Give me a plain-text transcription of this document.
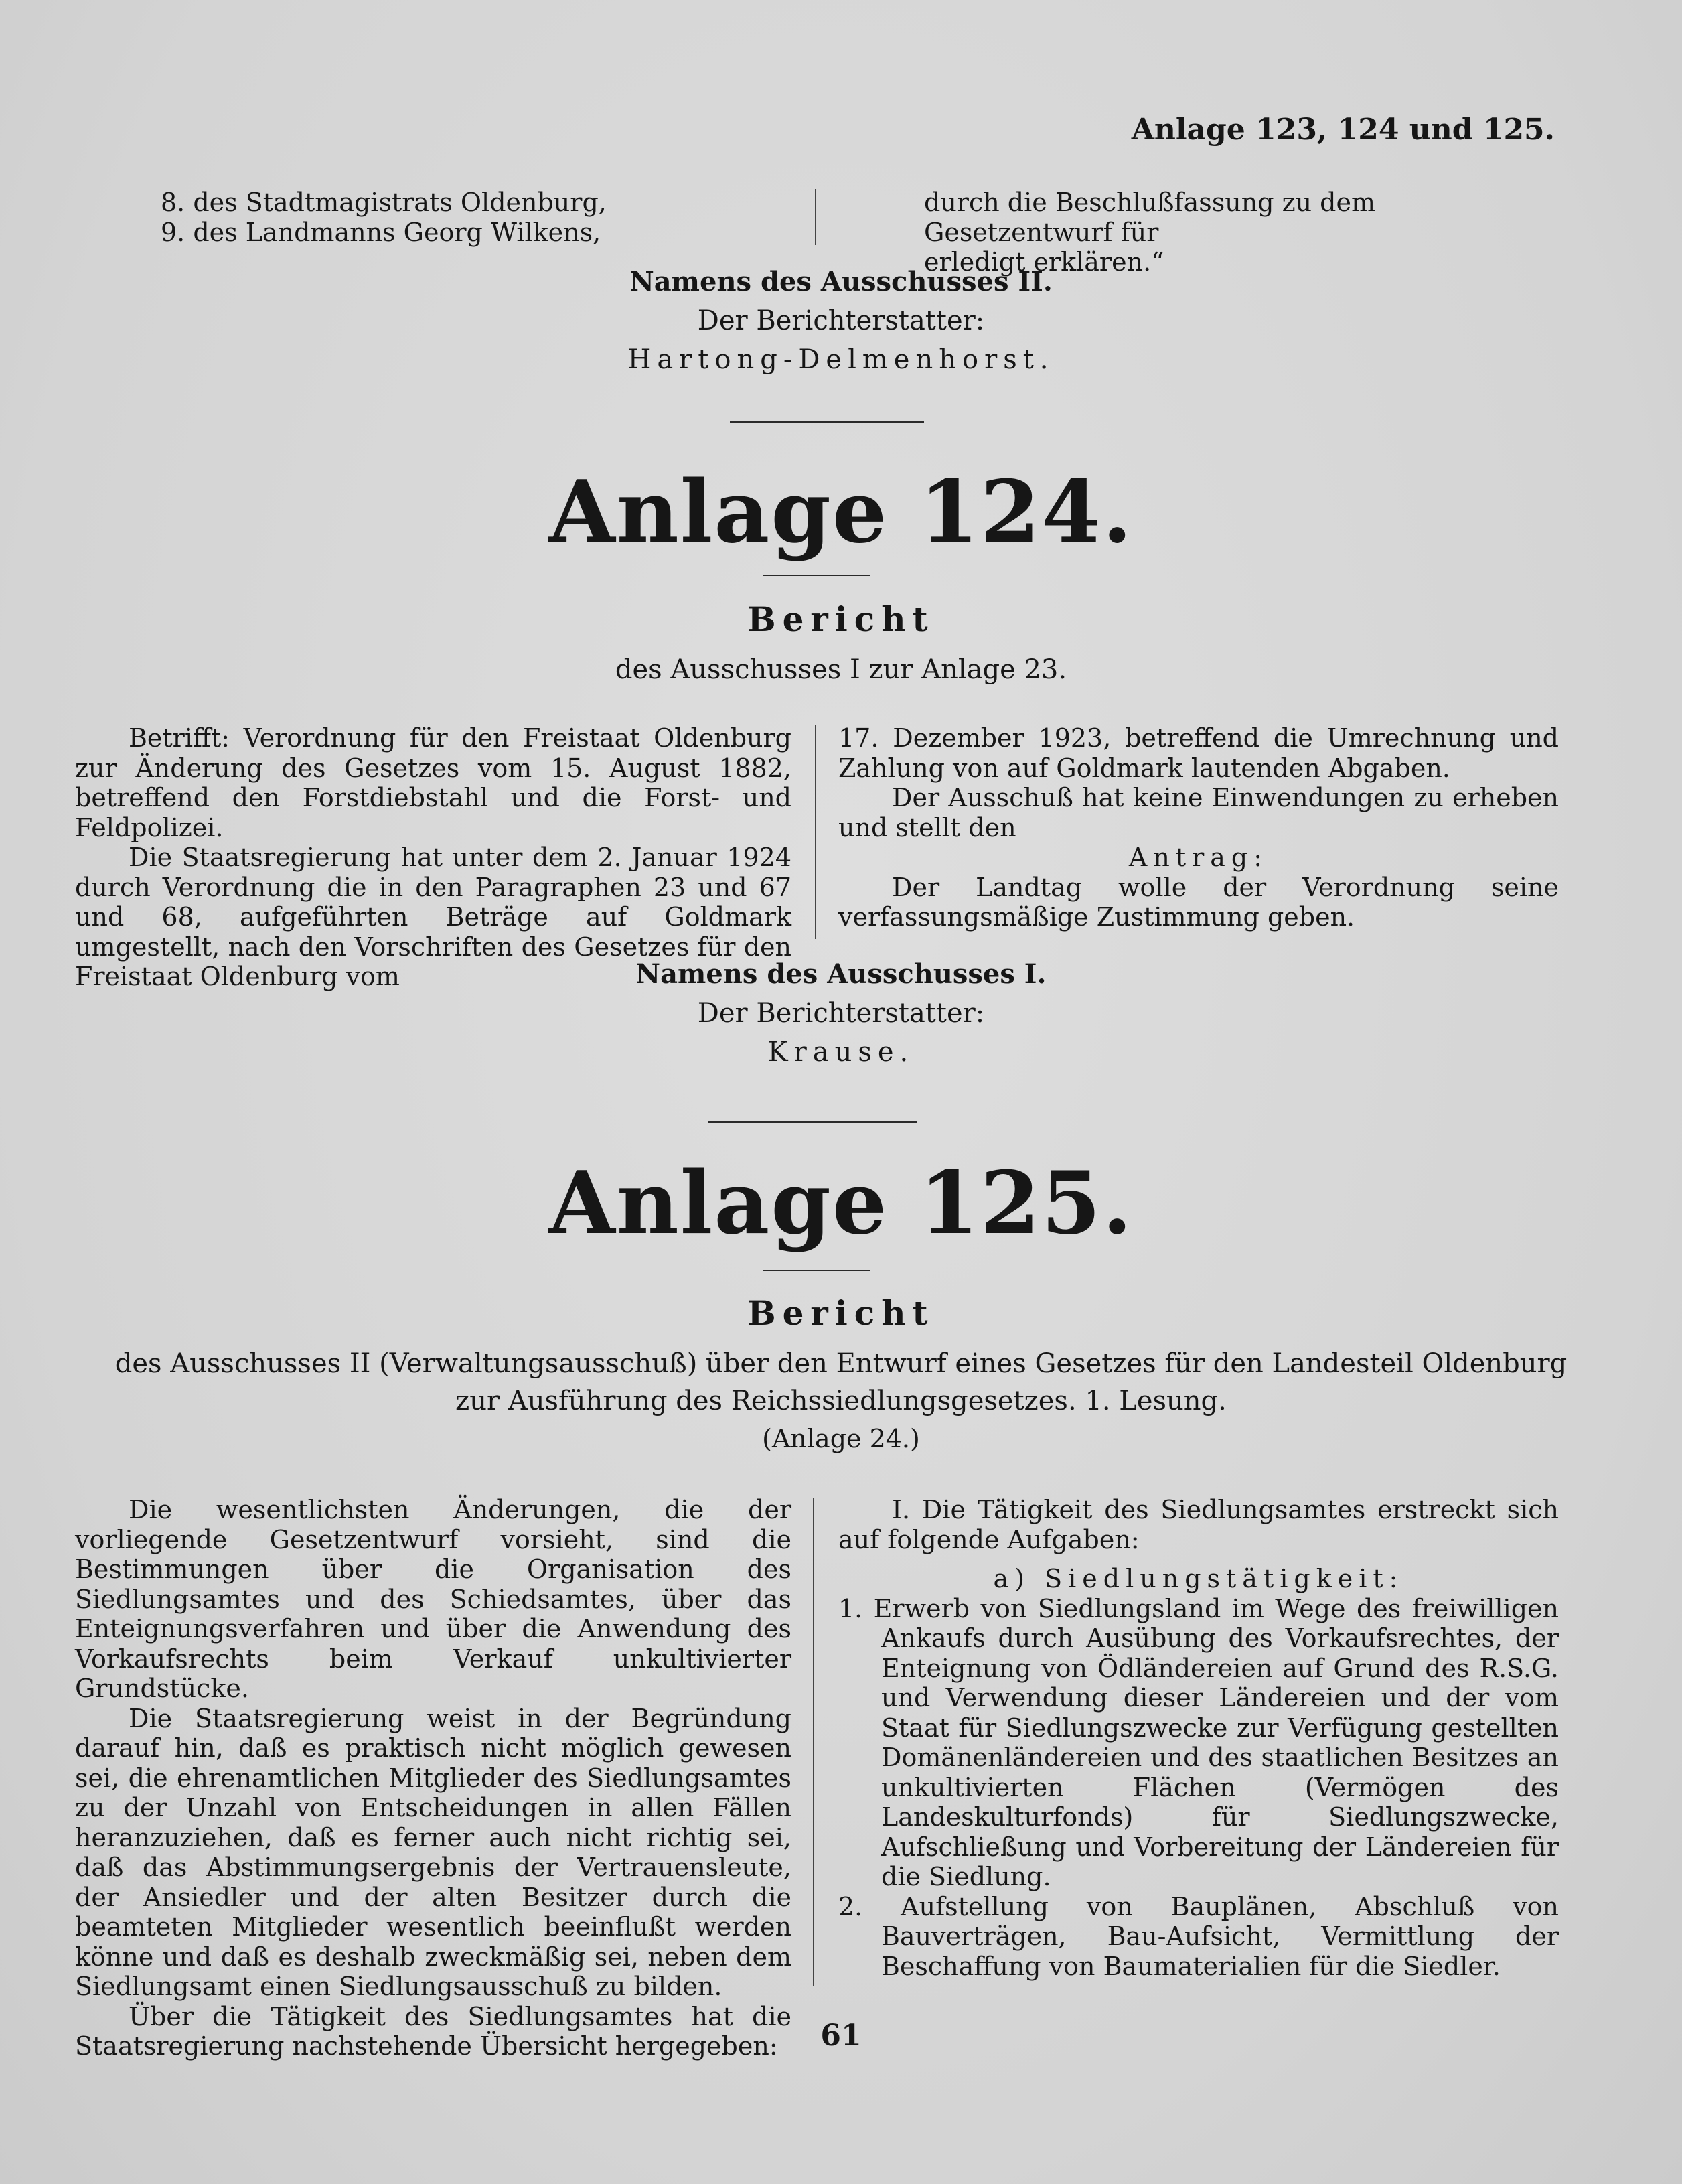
Anlage 123, 124 und 125.

8. des Stadtmagistrats Oldenburg,

9. des Landmanns Georg Wilkens,

durch die Beschlußfassung zu dem Gesetzentwurf für

erledigt erklären.“

Namens des Ausschusses II.
Der Berichterstatter:
Hartong-Delmenhorst.
Anlage 124.
Bericht
des Ausschusses I zur Anlage 23.

Betrifft: Verordnung für den Freistaat Oldenburg zur Änderung des Gesetzes vom 15. August 1882, betreffend den Forstdiebstahl und die Forst- und Feldpolizei.

Die Staatsregierung hat unter dem 2. Januar 1924 durch Verordnung die in den Paragraphen 23 und 67 und 68, aufgeführten Beträge auf Goldmark umgestellt, nach den Vorschriften des Gesetzes für den Freistaat Oldenburg vom

17. Dezember 1923, betreffend die Umrechnung und Zahlung von auf Goldmark lautenden Abgaben.

Der Ausschuß hat keine Einwendungen zu erheben und stellt den

Antrag:

Der Landtag wolle der Verordnung seine verfassungsmäßige Zustimmung geben.

Namens des Ausschusses I.
Der Berichterstatter:
Krause.
Anlage 125.
Bericht
des Ausschusses II (Verwaltungsausschuß) über den Entwurf eines Gesetzes für den Landesteil Oldenburg
zur Ausführung des Reichssiedlungsgesetzes. 1. Lesung.
(Anlage 24.)

Die wesentlichsten Änderungen, die der vorliegende Gesetzentwurf vorsieht, sind die Bestimmungen über die Organisation des Siedlungsamtes und des Schiedsamtes, über das Enteignungsverfahren und über die Anwendung des Vorkaufsrechts beim Verkauf unkultivierter Grundstücke.

Die Staatsregierung weist in der Begründung darauf hin, daß es praktisch nicht möglich gewesen sei, die ehrenamtlichen Mitglieder des Siedlungsamtes zu der Unzahl von Entscheidungen in allen Fällen heranzuziehen, daß es ferner auch nicht richtig sei, daß das Abstimmungsergebnis der Vertrauensleute, der Ansiedler und der alten Besitzer durch die beamteten Mitglieder wesentlich beeinflußt werden könne und daß es deshalb zweckmäßig sei, neben dem Siedlungsamt einen Siedlungsausschuß zu bilden.

Über die Tätigkeit des Siedlungsamtes hat die Staatsregierung nachstehende Übersicht hergegeben:

I. Die Tätigkeit des Siedlungsamtes erstreckt sich auf folgende Aufgaben:

a) Siedlungstätigkeit:

1. Erwerb von Siedlungsland im Wege des freiwilligen Ankaufs durch Ausübung des Vorkaufsrechtes, der Enteignung von Ödländereien auf Grund des R.S.G. und Verwendung dieser Ländereien und der vom Staat für Siedlungszwecke zur Verfügung gestellten Domänenländereien und des staatlichen Besitzes an unkultivierten Flächen (Vermögen des Landeskulturfonds) für Siedlungszwecke, Aufschließung und Vorbereitung der Ländereien für die Siedlung.

2. Aufstellung von Bauplänen, Abschluß von Bauverträgen, Bau-Aufsicht, Vermittlung der Beschaffung von Baumaterialien für die Siedler.

61
